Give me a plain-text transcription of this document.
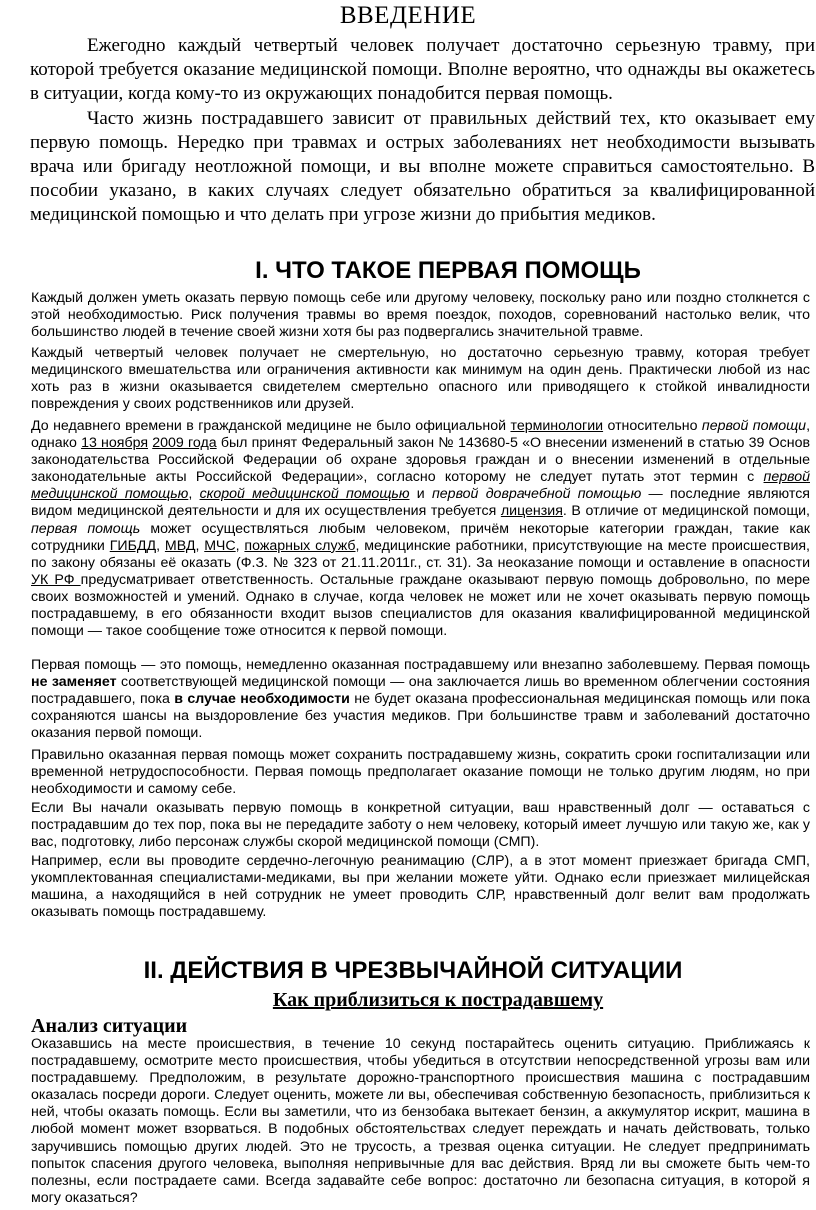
ВВЕДЕНИЕ

Ежегодно каждый четвертый человек получает достаточно серьезную травму, при которой требуется оказание медицинской помощи. Вполне вероятно, что однажды вы окажетесь в ситуации, когда кому-то из окружающих понадобится первая помощь.

Часто жизнь пострадавшего зависит от правильных действий тех, кто оказывает ему первую помощь. Нередко при травмах и острых заболеваниях нет необходимости вызывать врача или бригаду неотложной помощи, и вы вполне можете справиться самостоятельно. В пособии указано, в каких случаях следует обязательно обратиться за квалифицированной медицинской помощью и что делать при угрозе жизни до прибытия медиков.

I. ЧТО ТАКОЕ ПЕРВАЯ ПОМОЩЬ

Каждый должен уметь оказать первую помощь себе или другому человеку, поскольку рано или поздно столкнется с этой необходимостью. Риск получения травмы во время поездок, походов, соревнований настолько велик, что большинство людей в течение своей жизни хотя бы раз подвергались значительной травме.

Каждый четвертый человек получает не смертельную, но достаточно серьезную травму, которая требует медицинского вмешательства или ограничения активности как минимум на один день. Практически любой из нас хоть раз в жизни оказывается свидетелем смертельно опасного или приводящего к стойкой инвалидности повреждения у своих родственников или друзей.

До недавнего времени в гражданской медицине не было официальной терминологии относительно первой помощи, однако 13 ноября 2009 года был принят Федеральный закон № 143680-5 «О внесении изменений в статью 39 Основ законодательства Российской Федерации об охране здоровья граждан и о внесении изменений в отдельные законодательные акты Российской Федерации», согласно которому не следует путать этот термин с первой медицинской помощью, скорой медицинской помощью и первой доврачебной помощью — последние являются видом медицинской деятельности и для их осуществления требуется лицензия. В отличие от медицинской помощи, первая помощь может осуществляться любым человеком, причём некоторые категории граждан, такие как сотрудники ГИБДД, МВД, МЧС, пожарных служб, медицинские работники, присутствующие на месте происшествия, по закону обязаны её оказать (Ф.З. № 323 от 21.11.2011г., ст. 31). За неоказание помощи и оставление в опасности УК РФ предусматривает ответственность. Остальные граждане оказывают первую помощь добровольно, по мере своих возможностей и умений. Однако в случае, когда человек не может или не хочет оказывать первую помощь пострадавшему, в его обязанности входит вызов специалистов для оказания квалифицированной медицинской помощи — такое сообщение тоже относится к первой помощи.

Первая помощь — это помощь, немедленно оказанная пострадавшему или внезапно заболевшему. Первая помощь не заменяет соответствующей медицинской помощи — она заключается лишь во временном облегчении состояния пострадавшего, пока в случае необходимости не будет оказана профессиональная медицинская помощь или пока сохраняются шансы на выздоровление без участия медиков. При большинстве травм и заболеваний достаточно оказания первой помощи.

Правильно оказанная первая помощь может сохранить пострадавшему жизнь, сократить сроки госпитализации или временной нетрудоспособности. Первая помощь предполагает оказание помощи не только другим людям, но при необходимости и самому себе.

Если Вы начали оказывать первую помощь в конкретной ситуации, ваш нравственный долг — оставаться с пострадавшим до тех пор, пока вы не передадите заботу о нем человеку, который имеет лучшую или такую же, как у вас, подготовку, либо персонаж службы скорой медицинской помощи (СМП).

Например, если вы проводите сердечно-легочную реанимацию (СЛР), а в этот момент приезжает бригада СМП, укомплектованная специалистами-медиками, вы при желании можете уйти. Однако если приезжает милицейская машина, а находящийся в ней сотрудник не умеет проводить СЛР, нравственный долг велит вам продолжать оказывать помощь пострадавшему.

II. ДЕЙСТВИЯ В ЧРЕЗВЫЧАЙНОЙ СИТУАЦИИ
Как приблизиться к пострадавшему
Анализ ситуации

Оказавшись на месте происшествия, в течение 10 секунд постарайтесь оценить ситуацию. Приближаясь к пострадавшему, осмотрите место происшествия, чтобы убедиться в отсутствии непосредственной угрозы вам или пострадавшему. Предположим, в результате дорожно-транспортного происшествия машина с пострадавшим оказалась посреди дороги. Следует оценить, можете ли вы, обеспечивая собственную безопасность, приблизиться к ней, чтобы оказать помощь. Если вы заметили, что из бензобака вытекает бензин, а аккумулятор искрит, машина в любой момент может взорваться. В подобных обстоятельствах следует переждать и начать действовать, только заручившись помощью других людей. Это не трусость, а трезвая оценка ситуации. Не следует предпринимать попыток спасения другого человека, выполняя непривычные для вас действия. Вряд ли вы сможете быть чем-то полезны, если пострадаете сами. Всегда задавайте себе вопрос: достаточно ли безопасна ситуация, в которой я могу оказаться?
